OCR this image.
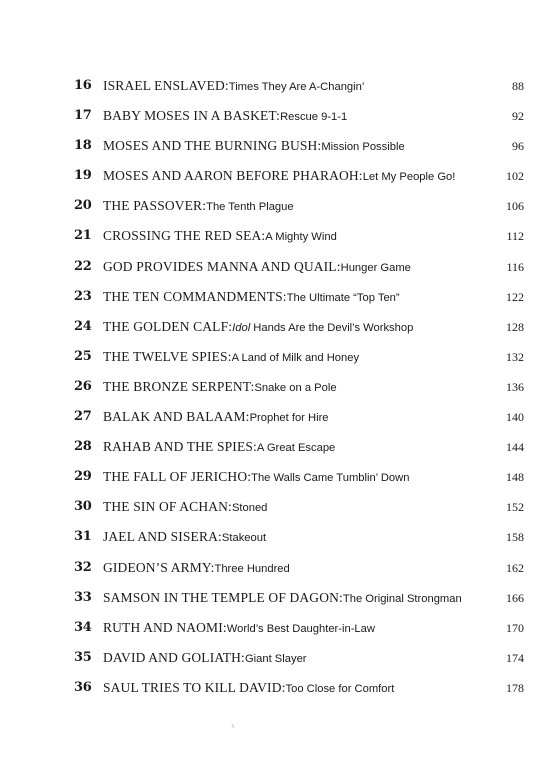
16 ISRAEL ENSLAVED: Times They Are A-Changin’	88
17 BABY MOSES IN A BASKET: Rescue 9-1-1	92
18 MOSES AND THE BURNING BUSH: Mission Possible	96
19 MOSES AND AARON BEFORE PHARAOH: Let My People Go!	102
20 THE PASSOVER: The Tenth Plague	106
21 CROSSING THE RED SEA: A Mighty Wind	112
22 GOD PROVIDES MANNA AND QUAIL: Hunger Game	116
23 THE TEN COMMANDMENTS: The Ultimate “Top Ten”	122
24 THE GOLDEN CALF: Idol Hands Are the Devil’s Workshop	128
25 THE TWELVE SPIES: A Land of Milk and Honey	132
26 THE BRONZE SERPENT: Snake on a Pole	136
27 BALAK AND BALAAM: Prophet for Hire	140
28 RAHAB AND THE SPIES: A Great Escape	144
29 THE FALL OF JERICHO: The Walls Came Tumblin’ Down	148
30 THE SIN OF ACHAN: Stoned	152
31 JAEL AND SISERA: Stakeout	158
32 GIDEON’S ARMY: Three Hundred	162
33 SAMSON IN THE TEMPLE OF DAGON: The Original Strongman	166
34 RUTH AND NAOMI: World’s Best Daughter-in-Law	170
35 DAVID AND GOLIATH: Giant Slayer	174
36 SAUL TRIES TO KILL DAVID: Too Close for Comfort	178
